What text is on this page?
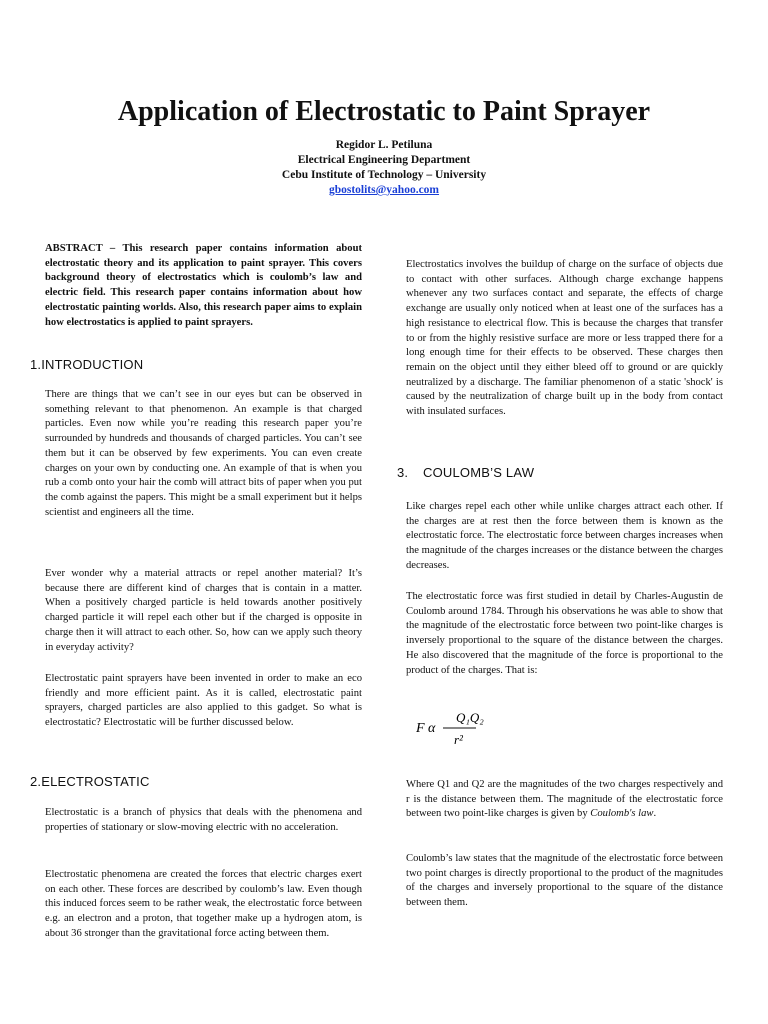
Application of Electrostatic to Paint Sprayer
Regidor L. Petiluna
Electrical Engineering Department
Cebu Institute of Technology – University
gbostolits@yahoo.com

ABSTRACT – This research paper contains information about electrostatic theory and its application to paint sprayer. This covers background theory of electrostatics which is coulomb’s law and electric field. This research paper contains information about how electrostatic painting worlds. Also, this research paper aims to explain how electrostatics is applied to paint sprayers.

1.INTRODUCTION

There are things that we can’t see in our eyes but can be observed in something relevant to that phenomenon. An example is that charged particles. Even now while you’re reading this research paper you’re surrounded by hundreds and thousands of charged particles. You can’t see them but it can be observed by few experiments. You can even create charges on your own by conducting one. An example of that is when you rub a comb onto your hair the comb will attract bits of paper when you put the comb against the papers. This might be a small experiment but it helps scientist and engineers all the time.

Ever wonder why a material attracts or repel another material? It’s because there are different kind of charges that is contain in a matter. When a positively charged particle is held towards another positively charged particle it will repel each other but if the charged is opposite in charge then it will attract to each other. So, how can we apply such theory in everyday activity?

Electrostatic paint sprayers have been invented in order to make an eco friendly and more efficient paint. As it is called, electrostatic paint sprayers, charged particles are also applied to this gadget. So what is electrostatic? Electrostatic will be further discussed below.

2.ELECTROSTATIC

Electrostatic is a branch of physics that deals with the phenomena and properties of stationary or slow-moving electric with no acceleration.

Electrostatic phenomena are created the forces that electric charges exert on each other. These forces are described by coulomb’s law. Even though this induced forces seem to be rather weak, the electrostatic force between e.g. an electron and a proton, that together make up a hydrogen atom, is about 36 stronger than the gravitational force acting between them.

Electrostatics involves the buildup of charge on the surface of objects due to contact with other surfaces. Although charge exchange happens whenever any two surfaces contact and separate, the effects of charge exchange are usually only noticed when at least one of the surfaces has a high resistance to electrical flow. This is because the charges that transfer to or from the highly resistive surface are more or less trapped there for a long enough time for their effects to be observed. These charges then remain on the object until they either bleed off to ground or are quickly neutralized by a discharge. The familiar phenomenon of a static 'shock' is caused by the neutralization of charge built up in the body from contact with insulated surfaces.

3. COULOMB’S LAW

Like charges repel each other while unlike charges attract each other. If the charges are at rest then the force between them is known as the electrostatic force. The electrostatic force between charges increases when the magnitude of the charges increases or the distance between the charges decreases.

The electrostatic force was first studied in detail by Charles-Augustin de Coulomb around 1784. Through his observations he was able to show that the magnitude of the electrostatic force between two point-like charges is inversely proportional to the square of the distance between the charges. He also discovered that the magnitude of the force is proportional to the product of the charges. That is:

F α
Q₁Q₂
r²

Where Q1 and Q2 are the magnitudes of the two charges respectively and r is the distance between them. The magnitude of the electrostatic force between two point-like charges is given by Coulomb's law.

Coulomb’s law states that the magnitude of the electrostatic force between two point charges is directly proportional to the product of the magnitudes of the charges and inversely proportional to the square of the distance between them.
